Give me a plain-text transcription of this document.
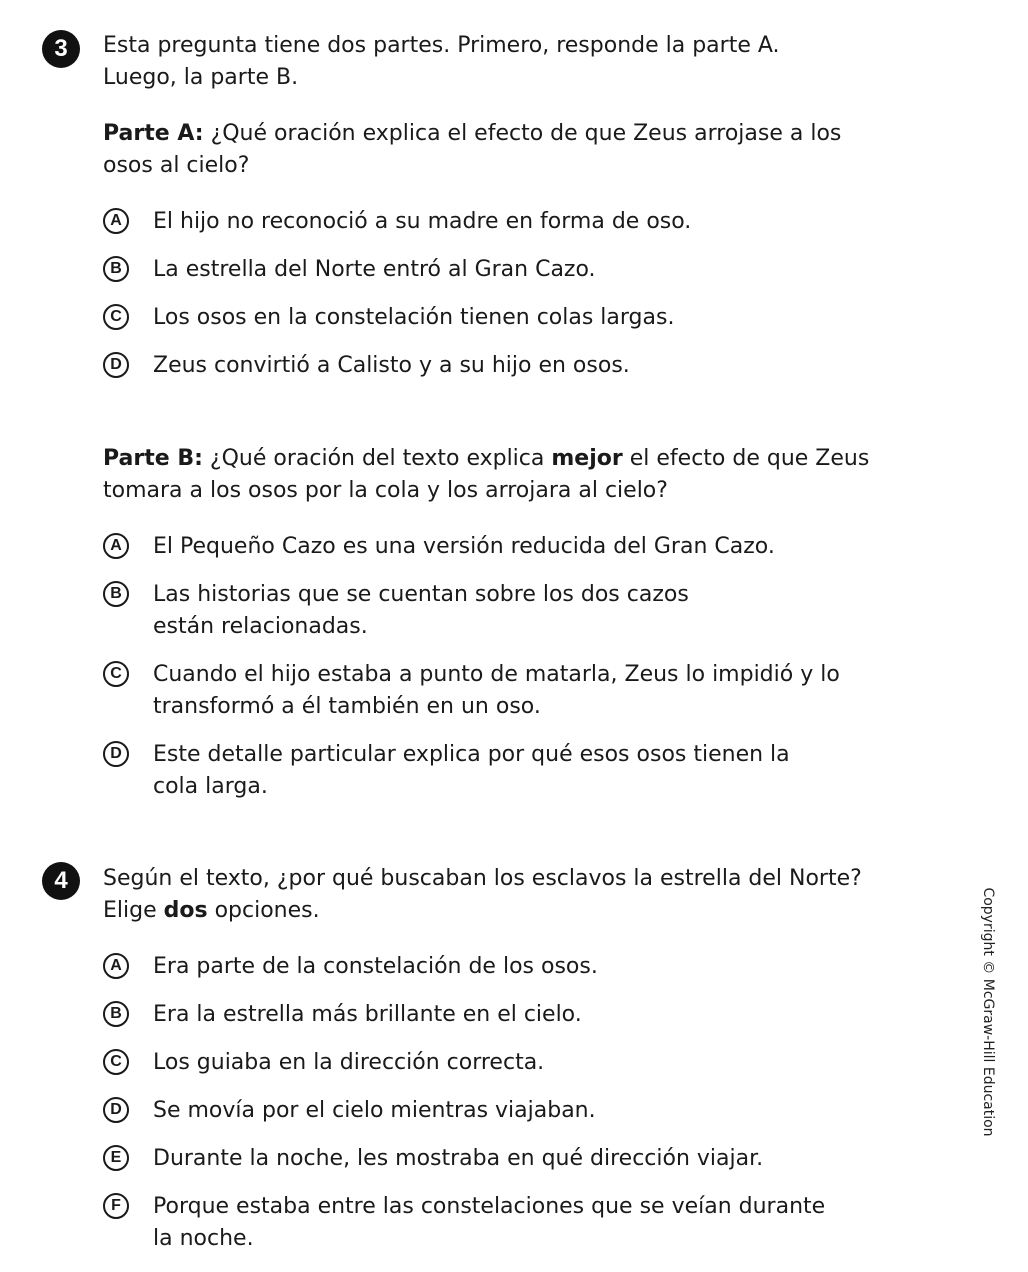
3	Esta pregunta tiene dos partes. Primero, responde la parte A.
Luego, la parte B.
Parte A: ¿Qué oración explica el efecto de que Zeus arrojase a los
osos al cielo?
A	El hijo no reconoció a su madre en forma de oso.
B	La estrella del Norte entró al Gran Cazo.
C	Los osos en la constelación tienen colas largas.
D	Zeus convirtió a Calisto y a su hijo en osos.
Parte B: ¿Qué oración del texto explica mejor el efecto de que Zeus
tomara a los osos por la cola y los arrojara al cielo?
A	El Pequeño Cazo es una versión reducida del Gran Cazo.
B	Las historias que se cuentan sobre los dos cazos
están relacionadas.
C	Cuando el hijo estaba a punto de matarla, Zeus lo impidió y lo
transformó a él también en un oso.
D	Este detalle particular explica por qué esos osos tienen la
cola larga.
4	Según el texto, ¿por qué buscaban los esclavos la estrella del Norte?
Elige dos opciones.
A	Era parte de la constelación de los osos.
B	Era la estrella más brillante en el cielo.
C	Los guiaba en la dirección correcta.
D	Se movía por el cielo mientras viajaban.
E	Durante la noche, les mostraba en qué dirección viajar.
F	Porque estaba entre las constelaciones que se veían durante
la noche.
Copyright © McGraw-Hill Education
